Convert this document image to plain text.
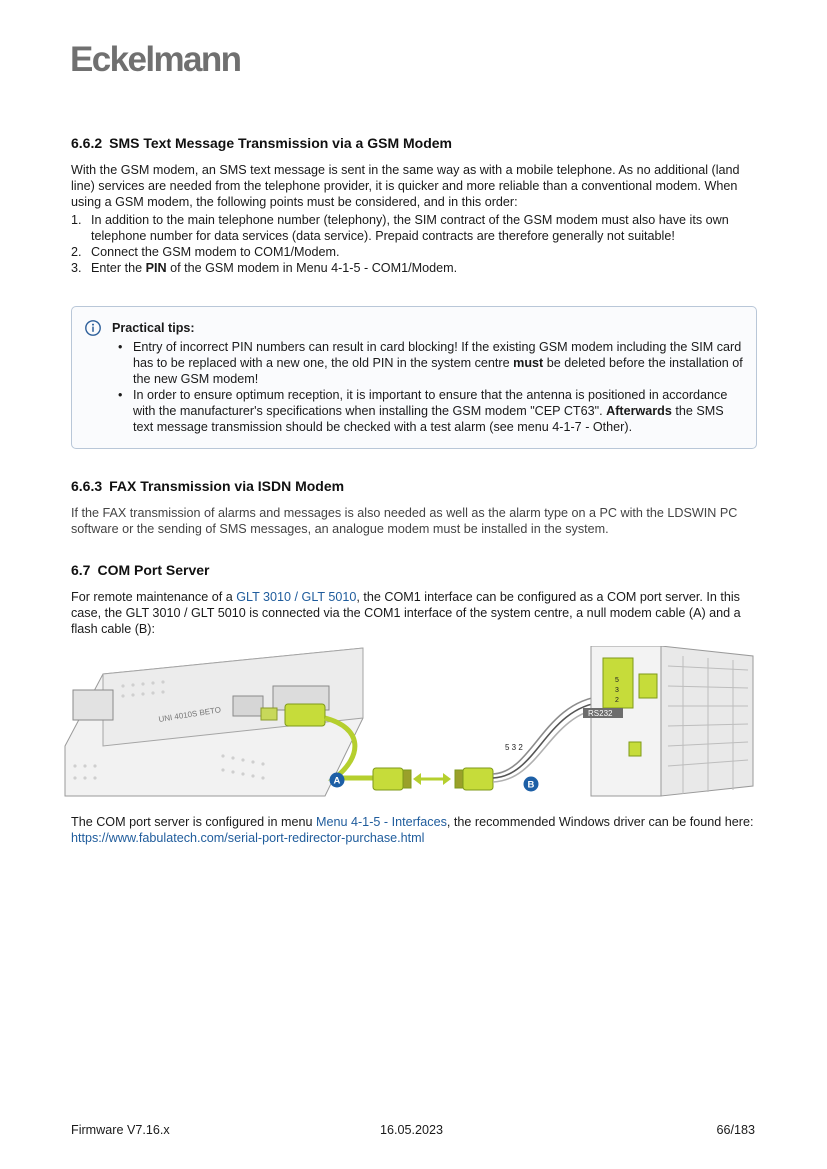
Eckelmann
6.6.2 SMS Text Message Transmission via a GSM Modem

With the GSM modem, an SMS text message is sent in the same way as with a mobile telephone. As no additional (land line) services are needed from the telephone provider, it is quicker and more reliable than a conventional modem. When using a GSM modem, the following points must be considered, and in this order:

1. In addition to the main telephone number (telephony), the SIM contract of the GSM modem must also have its own telephone number for data services (data service). Prepaid contracts are therefore generally not suitable!
2. Connect the GSM modem to COM1/Modem.
3. Enter the PIN of the GSM modem in Menu 4-1-5 - COM1/Modem.
Practical tips:
• Entry of incorrect PIN numbers can result in card blocking! If the existing GSM modem including the SIM card has to be replaced with a new one, the old PIN in the system centre must be deleted before the installation of the new GSM modem!
• In order to ensure optimum reception, it is important to ensure that the antenna is positioned in accordance with the manufacturer's specifications when installing the GSM modem "CEP CT63". Afterwards the SMS text message transmission should be checked with a test alarm (see menu 4-1-7 - Other).
6.6.3 FAX Transmission via ISDN Modem

If the FAX transmission of alarms and messages is also needed as well as the alarm type on a PC with the LDSWIN PC software or the sending of SMS messages, an analogue modem must be installed in the system.

6.7 COM Port Server

For remote maintenance of a GLT 3010 / GLT 5010, the COM1 interface can be configured as a COM port server. In this case, the GLT 3010 / GLT 5010 is connected via the COM1 interface of the system centre, a null modem cable (A) and a flash cable (B):

UNI 4010S BETO
5 3 2
RS232
5
3
2
A	B

The COM port server is configured in menu Menu 4-1-5 - Interfaces, the recommended Windows driver can be found here:

https://www.fabulatech.com/serial-port-redirector-purchase.html

Firmware V7.16.x	16.05.2023	66/183
